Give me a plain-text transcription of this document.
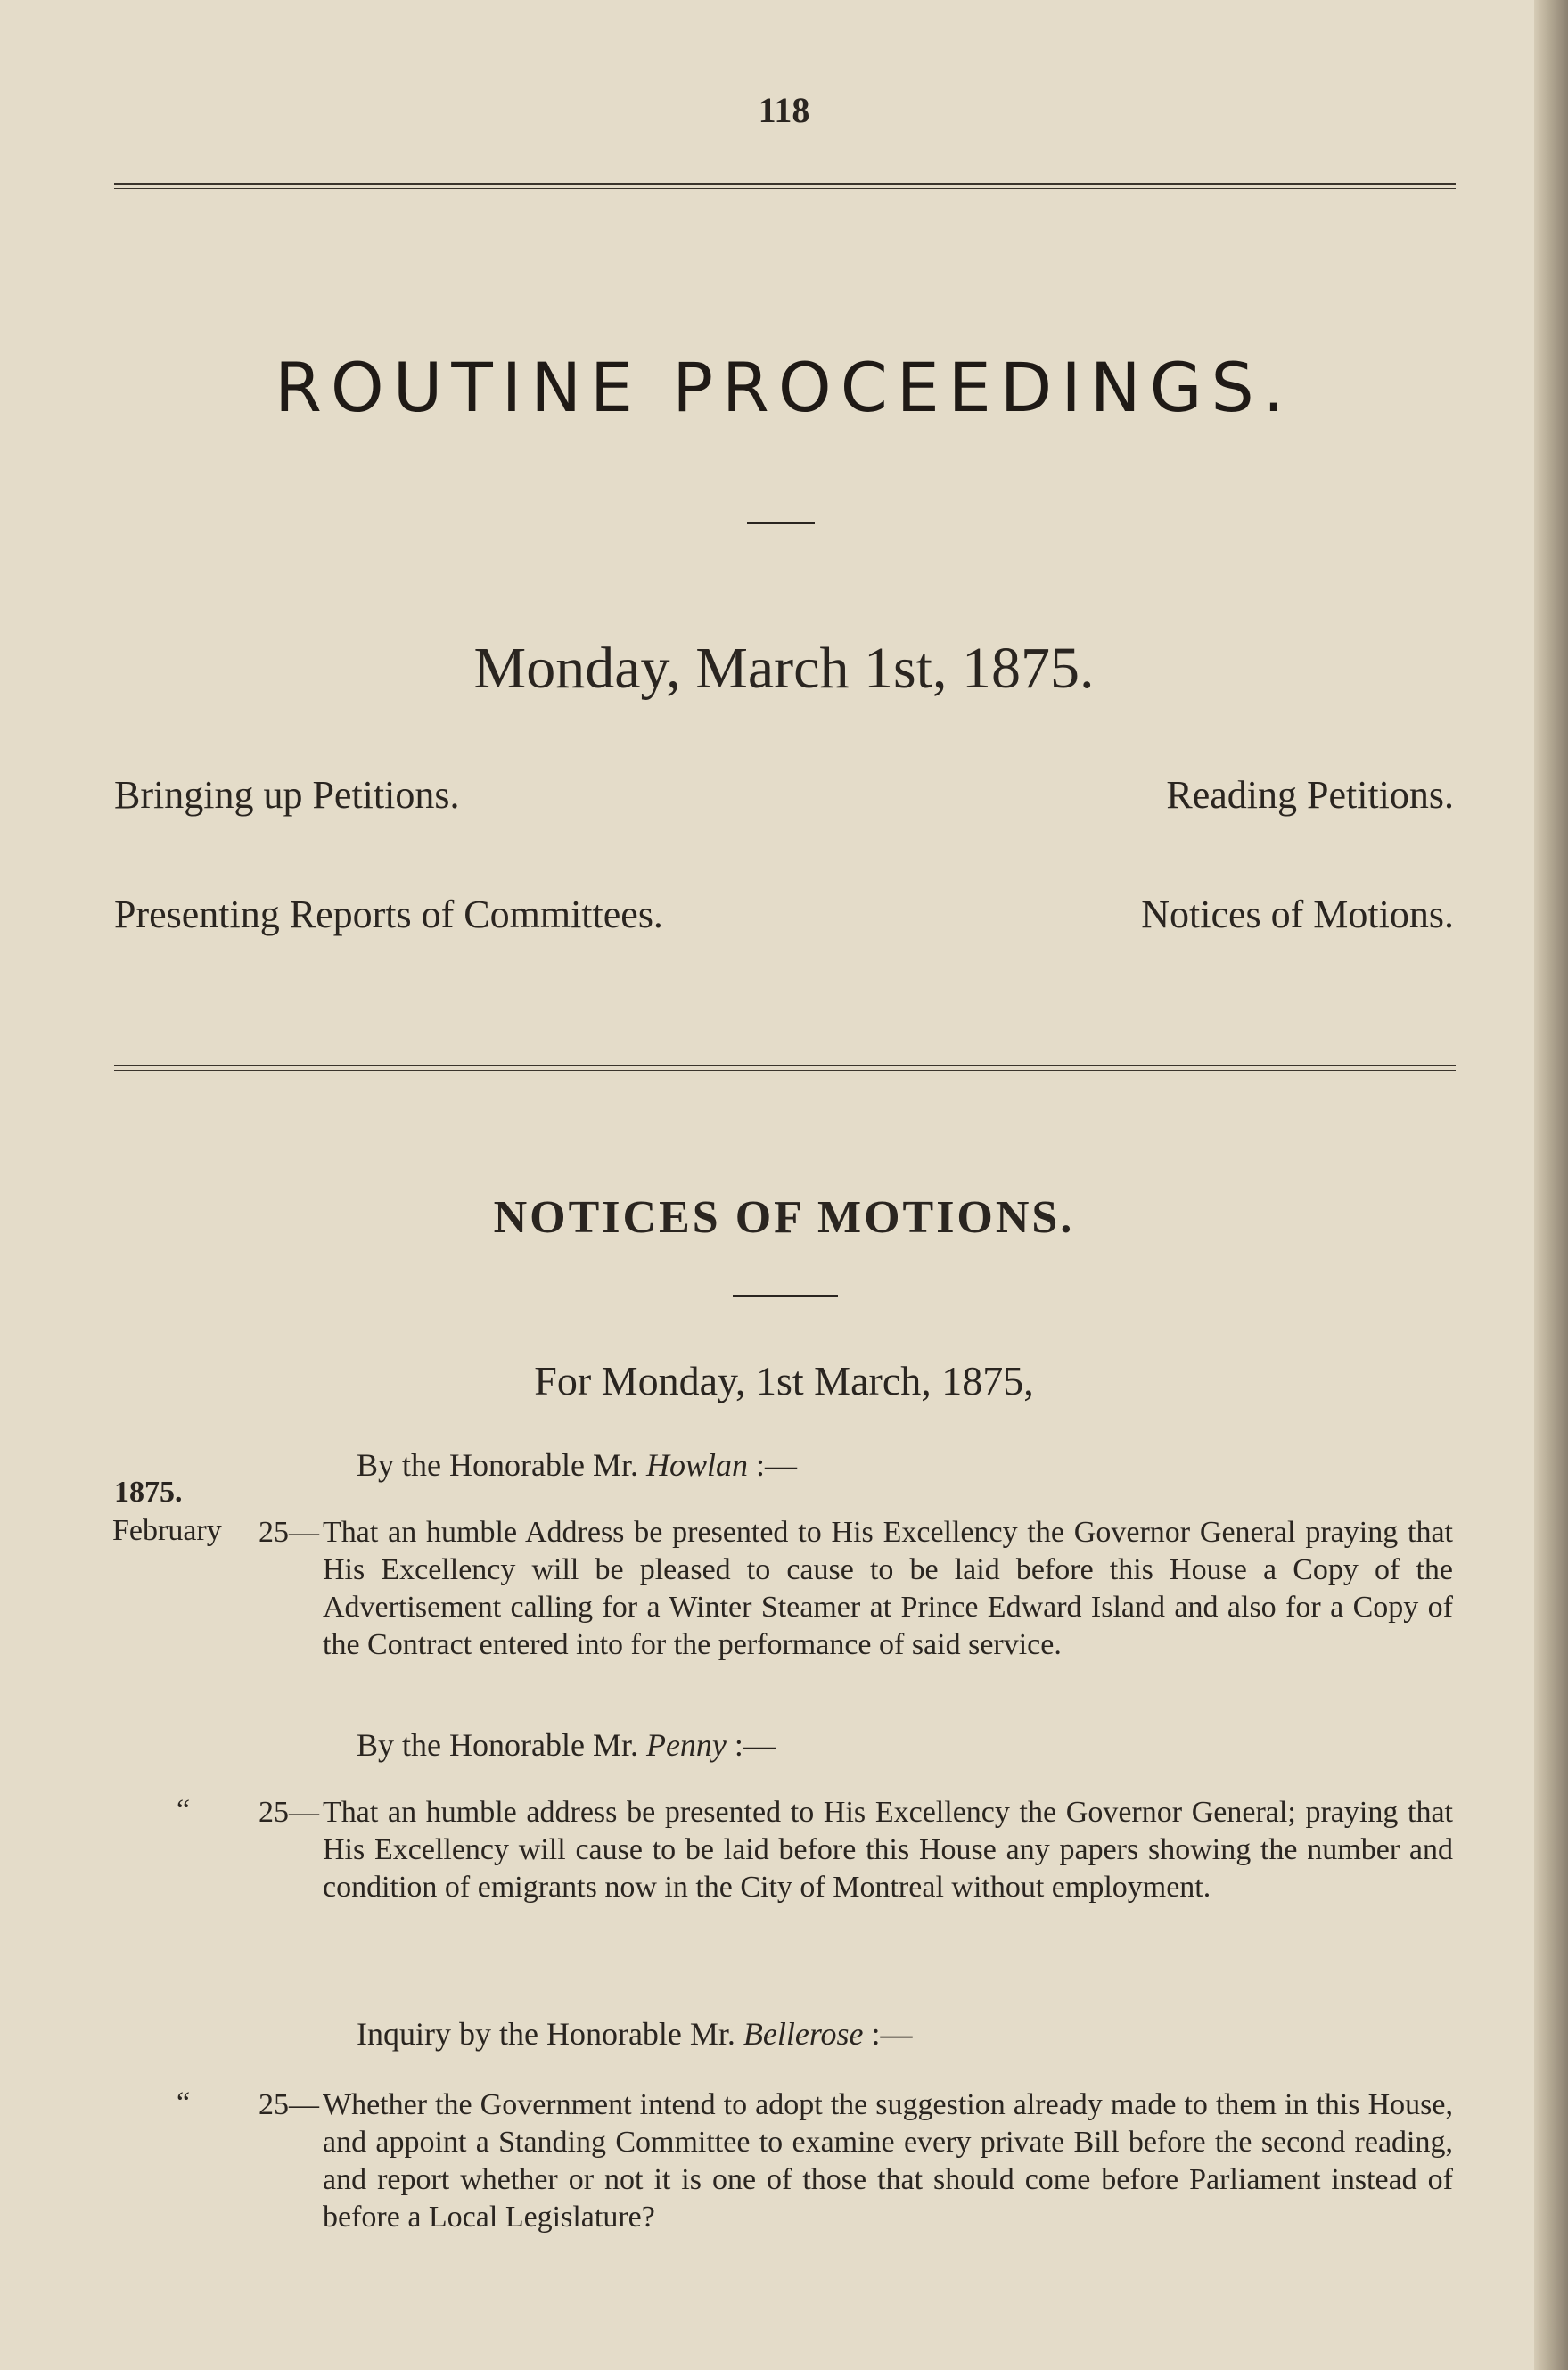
118
ROUTINE PROCEEDINGS.
Monday, March 1st, 1875.
Bringing up Petitions.	Reading Petitions.
Presenting Reports of Committees.	Notices of Motions.
NOTICES OF MOTIONS.
For Monday, 1st March, 1875,
By the Honorable Mr. Howlan :—
1875.
February 25— That an humble Address be presented to His Excellency the Governor General praying that His Excellency will be pleased to cause to be laid before this House a Copy of the Advertisement calling for a Winter Steamer at Prince Edward Island and also for a Copy of the Contract entered into for the performance of said service.
By the Honorable Mr. Penny :—
“ 25— That an humble address be presented to His Excellency the Governor General; praying that His Excellency will cause to be laid before this House any papers showing the number and condition of emigrants now in the City of Montreal without employment.
Inquiry by the Honorable Mr. Bellerose :—
“ 25— Whether the Government intend to adopt the suggestion already made to them in this House, and appoint a Standing Committee to examine every private Bill before the second reading, and report whether or not it is one of those that should come before Parliament instead of before a Local Legislature?
